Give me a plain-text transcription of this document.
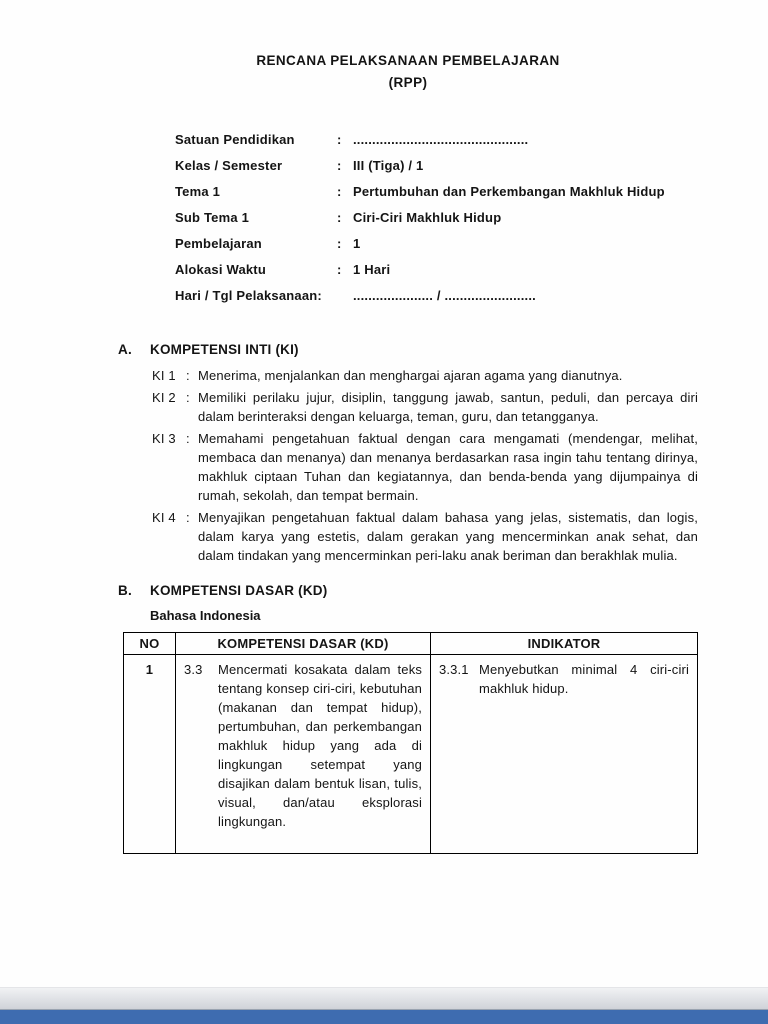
RENCANA PELAKSANAAN PEMBELAJARAN
(RPP)
Satuan Pendidikan	: ..............................................
Kelas / Semester	: III (Tiga) / 1
Tema 1	: Pertumbuhan dan Perkembangan Makhluk Hidup
Sub Tema 1	: Ciri-Ciri Makhluk Hidup
Pembelajaran	: 1
Alokasi Waktu	: 1 Hari
Hari / Tgl Pelaksanaan:	..................... / ........................
A.	KOMPETENSI INTI (KI)
KI 1 : Menerima, menjalankan dan menghargai ajaran agama yang dianutnya.
KI 2 : Memiliki perilaku jujur, disiplin, tanggung jawab, santun, peduli, dan percaya diri dalam berinteraksi dengan keluarga, teman, guru, dan tetangganya.
KI 3 : Memahami pengetahuan faktual dengan cara mengamati (mendengar, melihat, membaca dan menanya) dan menanya berdasarkan rasa ingin tahu tentang dirinya, makhluk ciptaan Tuhan dan kegiatannya, dan benda-benda yang dijumpainya di rumah, sekolah, dan tempat bermain.
KI 4 : Menyajikan pengetahuan faktual dalam bahasa yang jelas, sistematis, dan logis, dalam karya yang estetis, dalam gerakan yang mencerminkan anak sehat, dan dalam tindakan yang mencerminkan peri-laku anak beriman dan berakhlak mulia.
B.	KOMPETENSI DASAR (KD)
Bahasa Indonesia
NO	KOMPETENSI DASAR (KD)	INDIKATOR
1	3.3 Mencermati kosakata dalam teks tentang konsep ciri-ciri, kebutuhan (makanan dan tempat hidup), pertumbuhan, dan perkembangan makhluk hidup yang ada di lingkungan setempat yang disajikan dalam bentuk lisan, tulis, visual, dan/atau eksplorasi lingkungan.	3.3.1 Menyebutkan minimal 4 ciri-ciri makhluk hidup.
